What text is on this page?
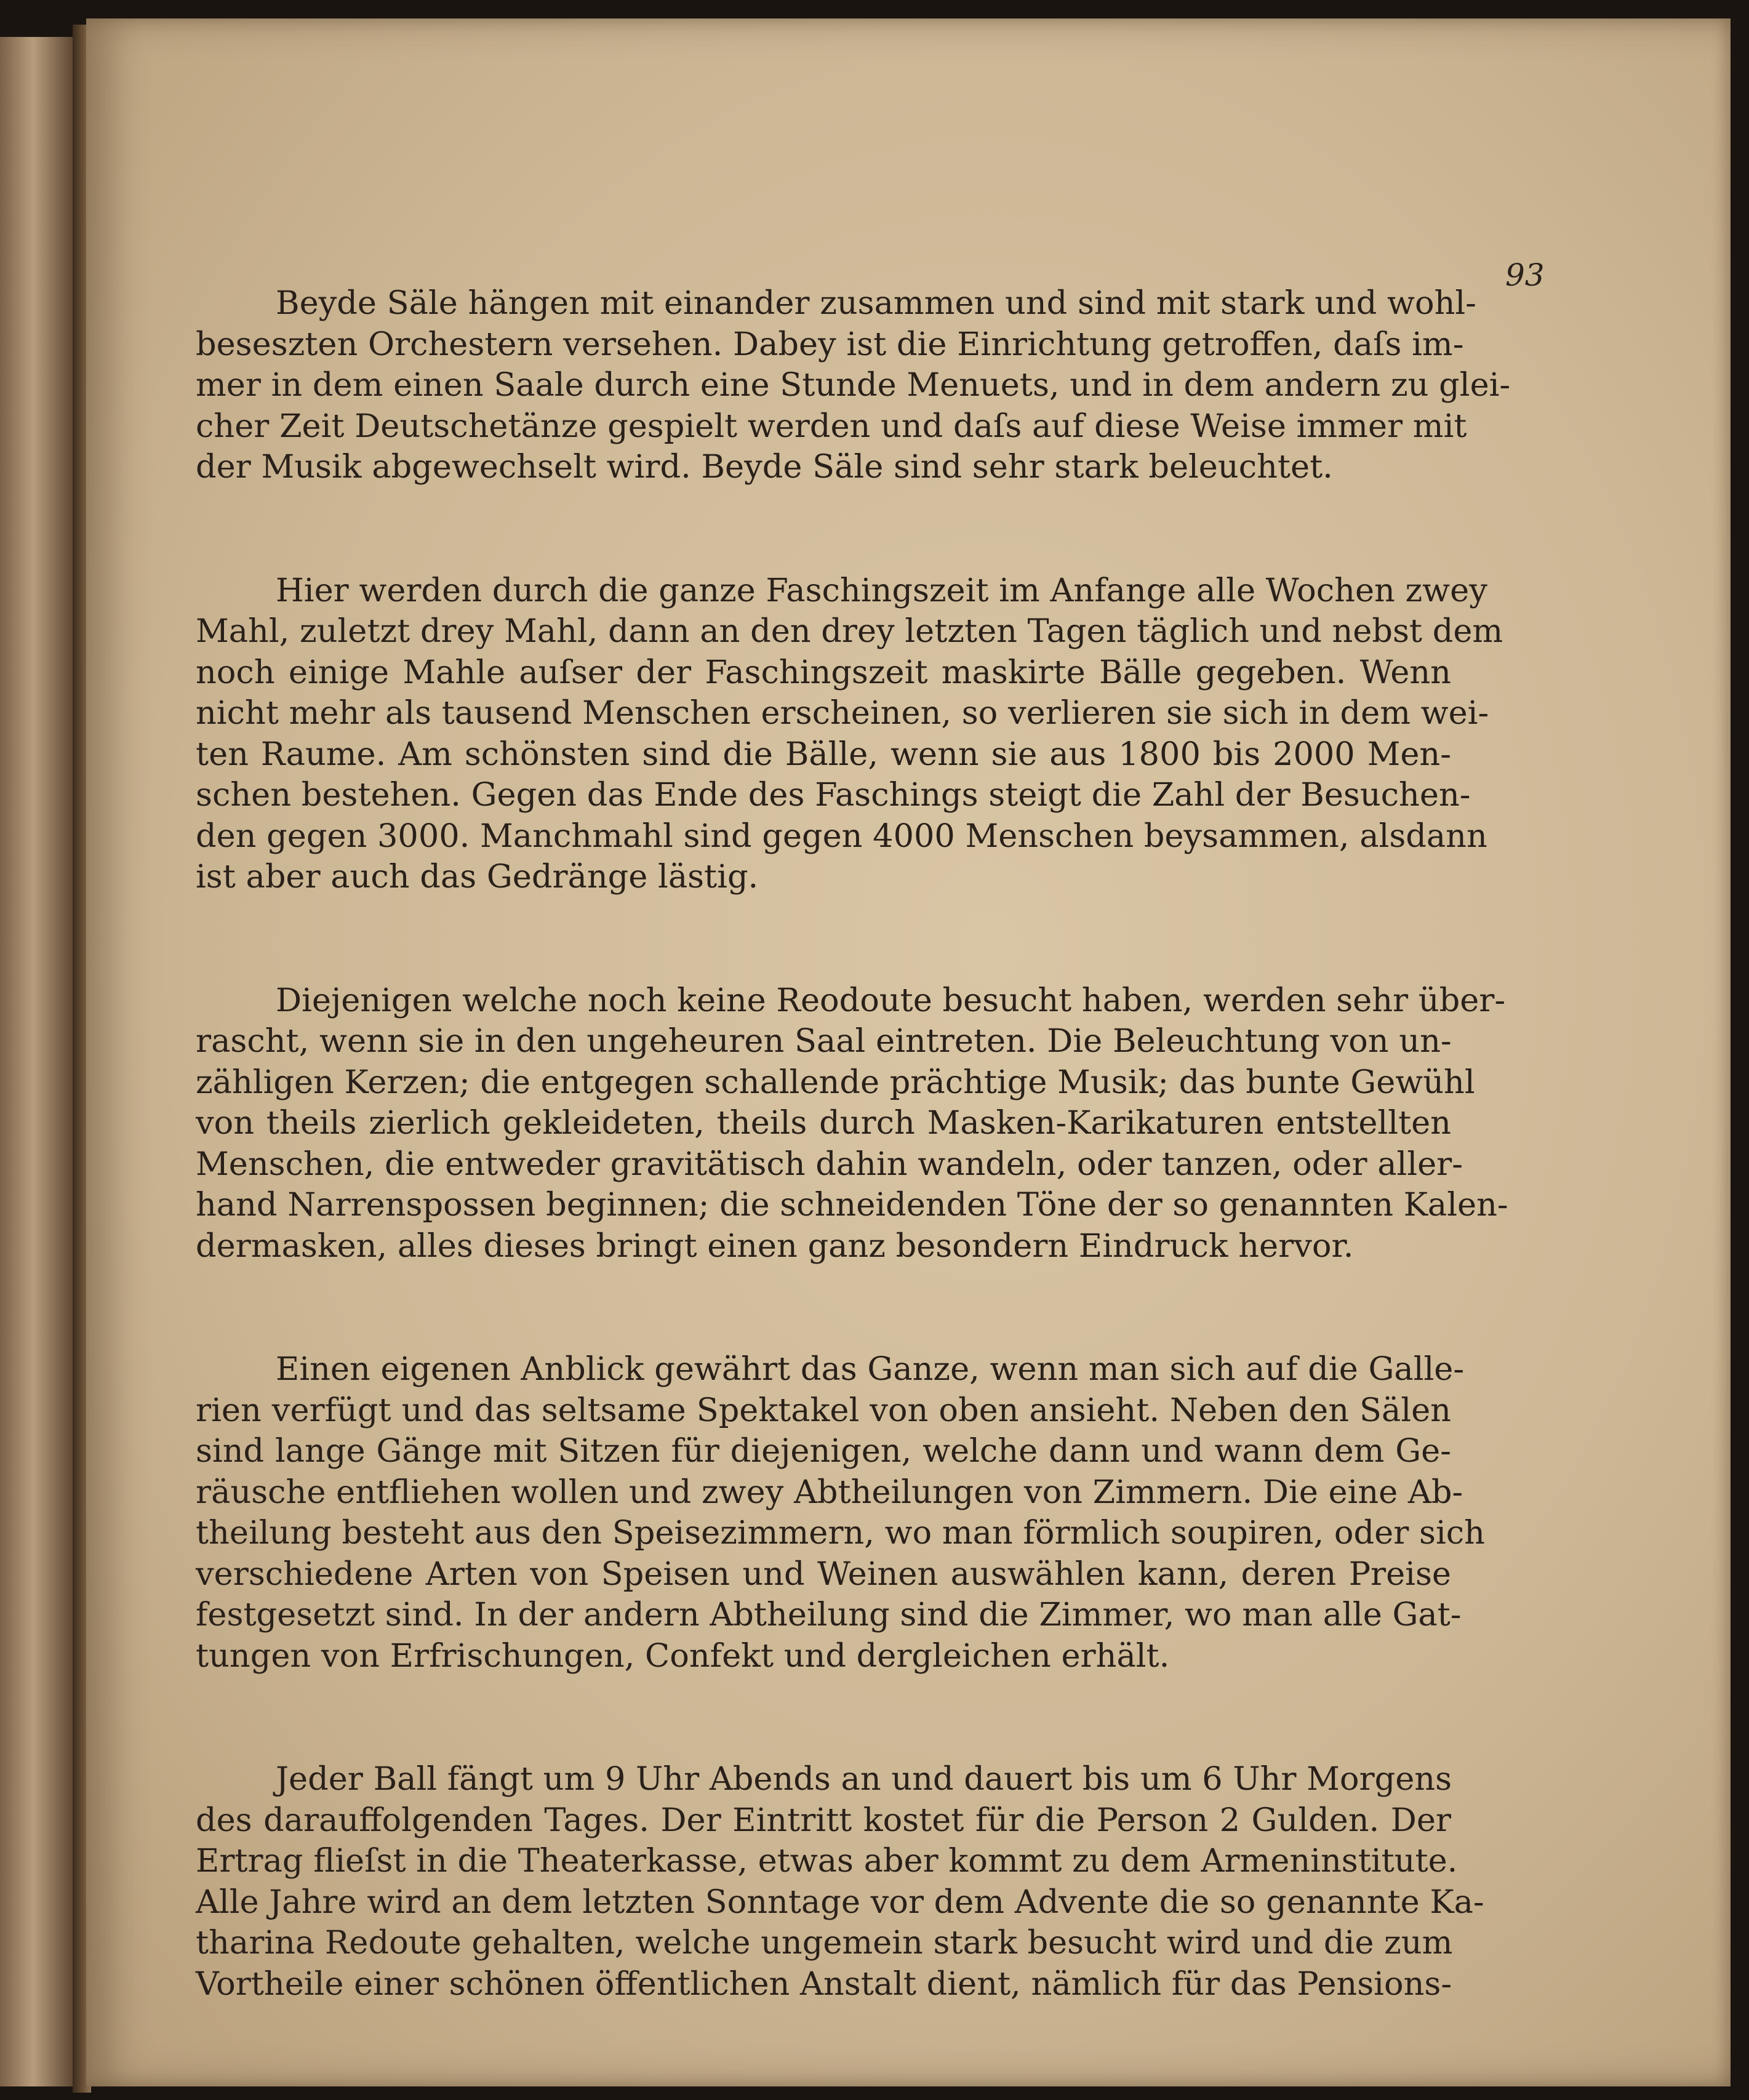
93
Beyde Säle hängen mit einander zusammen und sind mit stark und wohl-
beseszten Orchestern versehen. Dabey ist die Einrichtung getroffen, daſs im-
mer in dem einen Saale durch eine Stunde Menuets, und in dem andern zu glei-
cher Zeit Deutschetänze gespielt werden und daſs auf diese Weise immer mit
der Musik abgewechselt wird. Beyde Säle sind sehr stark beleuchtet.
Hier werden durch die ganze Faschingszeit im Anfange alle Wochen zwey
Mahl, zuletzt drey Mahl, dann an den drey letzten Tagen täglich und nebst dem
noch einige Mahle auſser der Faschingszeit maskirte Bälle gegeben. Wenn
nicht mehr als tausend Menschen erscheinen, so verlieren sie sich in dem wei-
ten Raume. Am schönsten sind die Bälle, wenn sie aus 1800 bis 2000 Men-
schen bestehen. Gegen das Ende des Faschings steigt die Zahl der Besuchen-
den gegen 3000. Manchmahl sind gegen 4000 Menschen beysammen, alsdann
ist aber auch das Gedränge lästig.
Diejenigen welche noch keine Reodoute besucht haben, werden sehr über-
rascht, wenn sie in den ungeheuren Saal eintreten. Die Beleuchtung von un-
zähligen Kerzen; die entgegen schallende prächtige Musik; das bunte Gewühl
von theils zierlich gekleideten, theils durch Masken-Karikaturen entstellten
Menschen, die entweder gravitätisch dahin wandeln, oder tanzen, oder aller-
hand Narrenspossen beginnen; die schneidenden Töne der so genannten Kalen-
dermasken, alles dieses bringt einen ganz besondern Eindruck hervor.
Einen eigenen Anblick gewährt das Ganze, wenn man sich auf die Galle-
rien verfügt und das seltsame Spektakel von oben ansieht. Neben den Sälen
sind lange Gänge mit Sitzen für diejenigen, welche dann und wann dem Ge-
räusche entfliehen wollen und zwey Abtheilungen von Zimmern. Die eine Ab-
theilung besteht aus den Speisezimmern, wo man förmlich soupiren, oder sich
verschiedene Arten von Speisen und Weinen auswählen kann, deren Preise
festgesetzt sind. In der andern Abtheilung sind die Zimmer, wo man alle Gat-
tungen von Erfrischungen, Confekt und dergleichen erhält.
Jeder Ball fängt um 9 Uhr Abends an und dauert bis um 6 Uhr Morgens
des darauffolgenden Tages. Der Eintritt kostet für die Person 2 Gulden. Der
Ertrag flieſst in die Theaterkasse, etwas aber kommt zu dem Armeninstitute.
Alle Jahre wird an dem letzten Sonntage vor dem Advente die so genannte Ka-
tharina Redoute gehalten, welche ungemein stark besucht wird und die zum
Vortheile einer schönen öffentlichen Anstalt dient, nämlich für das Pensions-
